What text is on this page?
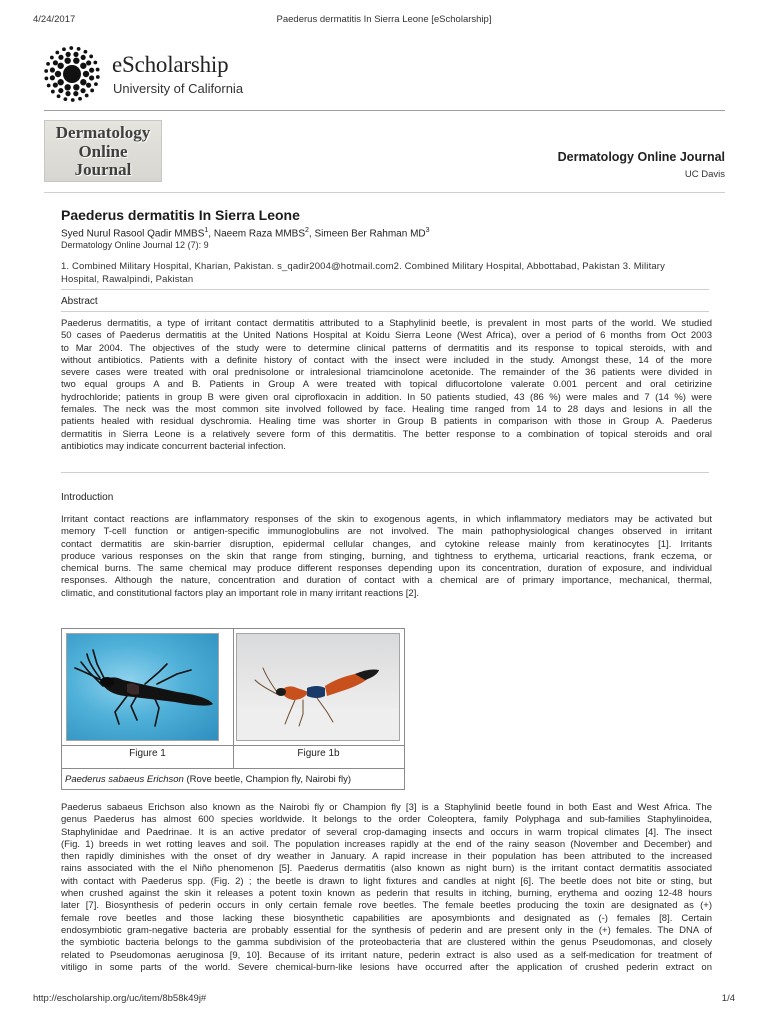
4/24/2017	Paederus dermatitis In Sierra Leone [eScholarship]
eScholarship
University of California
Dermatology
Online
Journal
Dermatology Online Journal
UC Davis
Paederus dermatitis In Sierra Leone
Syed Nurul Rasool Qadir MMBS$^1$, Naeem Raza MMBS$^2$, Simeen Ber Rahman $MD^3$
Dermatology Online Journal 12 (7): 9
1. Combined Military Hospital, Kharian, Pakistan. s_qadir2004@hotmail.com2. Combined Military Hospital, Abbottabad, Pakistan 3. Military
Hospital, Rawalpindi, Pakistan
Abstract
Paederus dermatitis, a type of irritant contact dermatitis attributed to a Staphylinid beetle, is prevalent in most parts of the world. We studied
50 cases of Paederus dermatitis at the United Nations Hospital at Koidu Sierra Leone (West Africa), over a period of 6 months from Oct 2003
to Mar 2004. The objectives of the study were to determine clinical patterns of dermatitis and its response to topical steroids, with and
without antibiotics. Patients with a definite history of contact with the insect were included in the study. Amongst these, 14 of the more
severe cases were treated with oral prednisolone or intralesional triamcinolone acetonide. The remainder of the 36 patients were divided in
two equal groups A and B. Patients in Group A were treated with topical diflucortolone valerate 0.001 percent and oral cetirizine
hydrochloride; patients in group B were given oral ciprofloxacin in addition. In 50 patients studied, 43 (86 %) were males and 7 (14 %) were
females. The neck was the most common site involved followed by face. Healing time ranged from 14 to 28 days and lesions in all the
patients healed with residual dyschromia. Healing time was shorter in Group B patients in comparison with those in Group A. Paederus
dermatitis in Sierra Leone is a relatively severe form of this dermatitis. The better response to a combination of topical steroids and oral
antibiotics may indicate concurrent bacterial infection.
Introduction
Irritant contact reactions are inflammatory responses of the skin to exogenous agents, in which inflammatory mediators may be activated but
memory T-cell function or antigen-specific immunoglobulins are not involved. The main pathophysiological changes observed in irritant
contact dermatitis are skin-barrier disruption, epidermal cellular changes, and cytokine release mainly from keratinocytes [1]. Irritants
produce various responses on the skin that range from stinging, burning, and tightness to erythema, urticarial reactions, frank eczema, or
chemical burns. The same chemical may produce different responses depending upon its concentration, duration of exposure, and individual
responses. Although the nature, concentration and duration of contact with a chemical are of primary importance, mechanical, thermal,
climatic, and constitutional factors play an important role in many irritant reactions [2].
Figure 1	Figure 1b
Paederus sabaeus Erichson (Rove beetle, Champion fly, Nairobi fly)
Paederus sabaeus Erichson also known as the Nairobi fly or Champion fly [3] is a Staphylinid beetle found in both East and West Africa. The
genus Paederus has almost 600 species worldwide. It belongs to the order Coleoptera, family Polyphaga and sub-families Staphylinoidea,
Staphylinidae and Paedrinae. It is an active predator of several crop-damaging insects and occurs in warm tropical climates [4]. The insect
(Fig. 1) breeds in wet rotting leaves and soil. The population increases rapidly at the end of the rainy season (November and December) and
then rapidly diminishes with the onset of dry weather in January. A rapid increase in their population has been attributed to the increased
rains associated with the el Niño phenomenon [5]. Paederus dermatitis (also known as night burn) is the irritant contact dermatitis associated
with contact with Paederus spp. (Fig. 2) ; the beetle is drawn to light fixtures and candles at night [6]. The beetle does not bite or sting, but
when crushed against the skin it releases a potent toxin known as pederin that results in itching, burning, erythema and oozing 12-48 hours
later [7]. Biosynthesis of pederin occurs in only certain female rove beetles. The female beetles producing the toxin are designated as (+)
female rove beetles and those lacking these biosynthetic capabilities are aposymbionts and designated as (-) females [8]. Certain
endosymbiotic gram-negative bacteria are probably essential for the synthesis of pederin and are present only in the (+) females. The DNA of
the symbiotic bacteria belongs to the gamma subdivision of the proteobacteria that are clustered within the genus Pseudomonas, and closely
related to Pseudomonas aeruginosa [9, 10]. Because of its irritant nature, pederin extract is also used as a self-medication for treatment of
vitiligo in some parts of the world. Severe chemical-burn-like lesions have occurred after the application of crushed pederin extract on
http://escholarship.org/uc/item/8b58k49j#	1/4
